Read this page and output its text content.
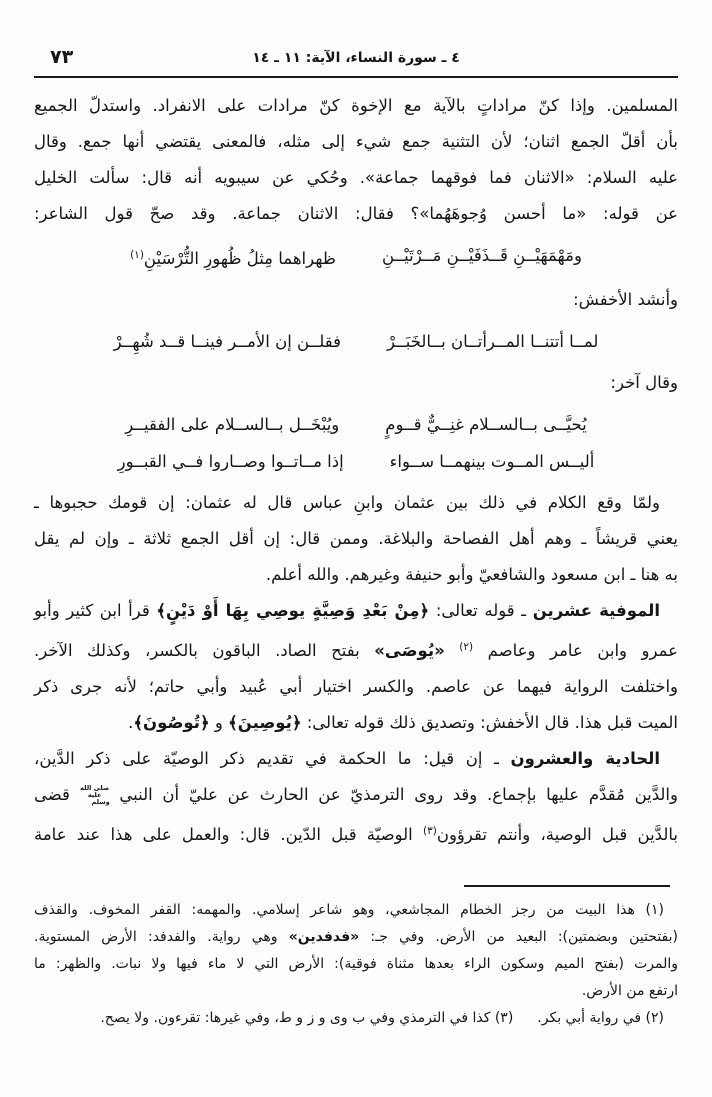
٧٣	٤ ـ سورة النساء، الآية: ١١ ـ ١٤
المسلمين. وإذا كنّ مراداتٍ بالآية مع الإخوة كنّ مرادات على الانفراد. واستدلّ الجميع
بأن أقلّ الجمع اثنان؛ لأن التثنية جمع شيء إلى مثله، فالمعنى يقتضي أنها جمع. وقال
عليه السلام: «الاثنان فما فوقهما جماعة». وحُكي عن سيبويه أنه قال: سألت الخليل
عن قوله: «ما أحسن وُجوهَهُما»؟ فقال: الاثنان جماعة. وقد صحّ قول الشاعر:
ومَهْمَهَيْــنِ قَــذَفَيْــنِ مَــرْتَيْــنِ
ظهراهما مِثلُ ظُهورِ التُّرْسَيْنِ$^{(١)}$
وأنشد الأخفش:
لمــا أتتنــا المــرأتــان بــالخَبَــرْ
فقلــن إن الأمــر فينــا قــد شُهِــرْ
وقال آخر:
يُحيَّــى بــالســلام غنِــيٌّ قــومٍ
ويُبْخَــل بــالســلام على الفقيــرِ
أليــس المــوت بينهمــا ســواء
إذا مــاتــوا وصــاروا فــي القبــورِ
ولمّا وقع الكلام في ذلك بين عثمان وابنِ عباس قال له عثمان: إن قومك حجبوها ـ
يعني قريشاً ـ وهم أهل الفصاحة والبلاغة. وممن قال: إن أقل الجمع ثلاثة ـ وإن لم يقل
به هنا ـ ابن مسعود والشافعيّ وأبو حنيفة وغيرهم. والله أعلم.
الموفية عشرين ـ قوله تعالى: ﴿مِنْ بَعْدِ وَصِيَّةٍ يوصِي بِهَا أَوْ دَيْنٍ﴾ قرأ ابن كثير وأبو
عمرو وابن عامر وعاصم $^{(٢)}$ «يُوصَى» بفتح الصاد. الباقون بالكسر، وكذلك الآخر.
واختلفت الرواية فيهما عن عاصم. والكسر اختيار أبي عُبيد وأبي حاتم؛ لأنه جرى ذكر
الميت قبل هذا. قال الأخفش: وتصديق ذلك قوله تعالى: ﴿يُوصِينَ﴾ و ﴿تُوصُونَ﴾.
الحادية والعشرون ـ إن قيل: ما الحكمة في تقديم ذكر الوصيّة على ذكر الدَّين،
والدَّين مُقدَّم عليها بإجماع. وقد روى الترمذيّ عن الحارث عن عليّ أن النبي صلى الله عليه وسلم قضى
بالدَّين قبل الوصية، وأنتم تقرؤون$^{(٣)}$ الوصيّة قبل الدّين. قال: والعمل على هذا عند عامة
(١) هذا البيت من رجز الخطام المجاشعي، وهو شاعر إسلامي. والمهمه: القفر المخوف. والقذف
(بفتحتين وبضمتين): البعيد من الأرض. وفي جـ: «فدفدين» وهي رواية. والفدفد: الأرض المستوية.
والمرت (بفتح الميم وسكون الراء بعدها مثناة فوقية): الأرض التي لا ماء فيها ولا نبات. والظهر: ما
ارتفع من الأرض.
(٢) في رواية أبي بكر.(٣) كذا في الترمذي وفي ب وى و ز و ط، وفي غيرها: تقرءون. ولا يصح.
